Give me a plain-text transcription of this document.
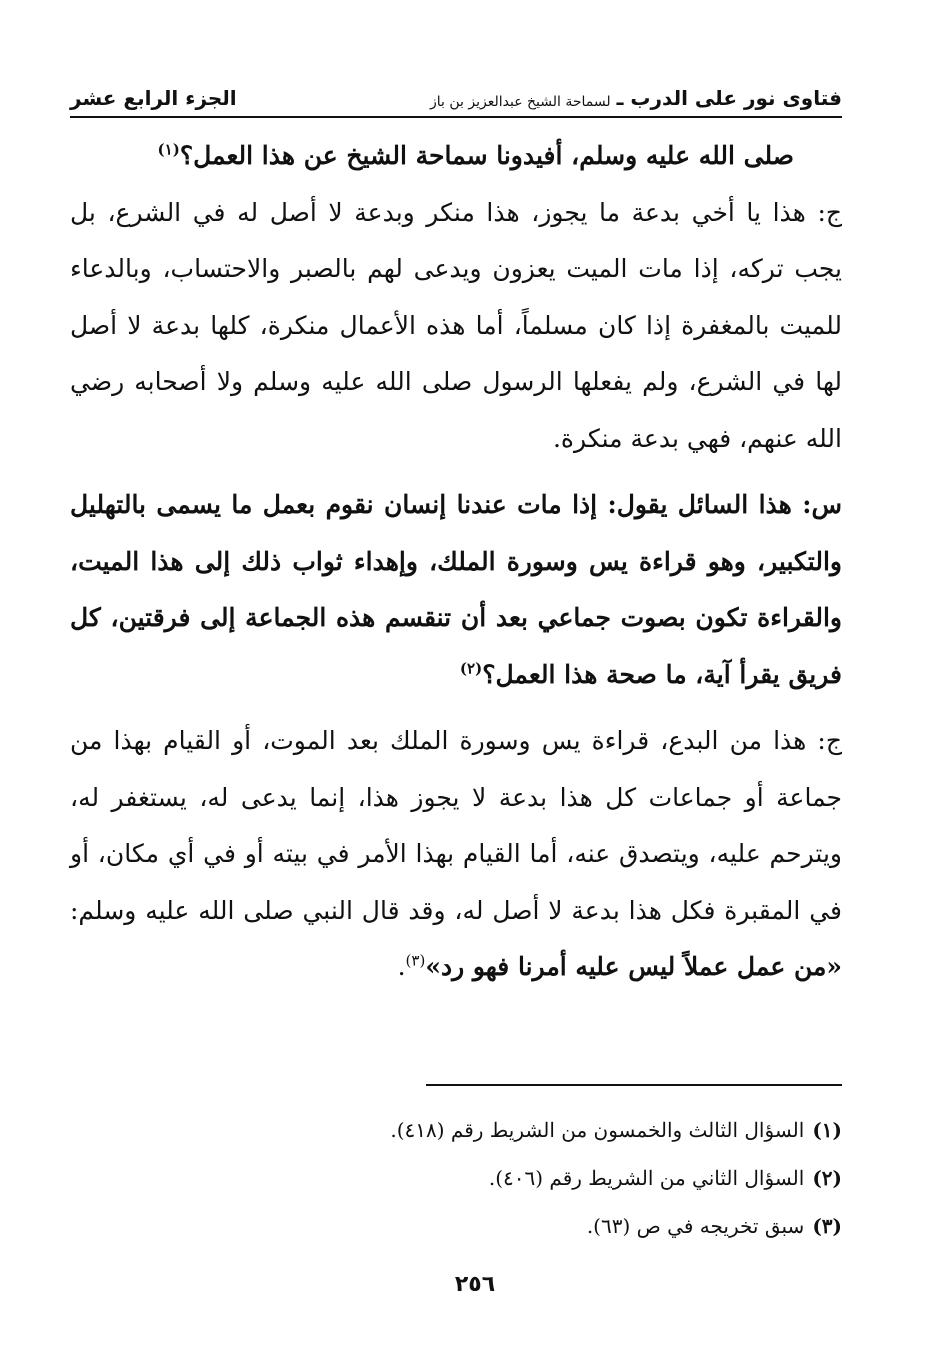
فتاوى نور على الدرب ـ
لسماحة الشيخ عبدالعزيز بن باز
الجزء الرابع عشر

صلى الله عليه وسلم، أفيدونا سماحة الشيخ عن هذا العمل؟$^{(١)}$

ج: هذا يا أخي بدعة ما يجوز، هذا منكر وبدعة لا أصل له في الشرع، بل يجب تركه، إذا مات الميت يعزون ويدعى لهم بالصبر والاحتساب، وبالدعاء للميت بالمغفرة إذا كان مسلماً، أما هذه الأعمال منكرة، كلها بدعة لا أصل لها في الشرع، ولم يفعلها الرسول صلى الله عليه وسلم ولا أصحابه رضي الله عنهم، فهي بدعة منكرة.

س: هذا السائل يقول: إذا مات عندنا إنسان نقوم بعمل ما يسمى بالتهليل والتكبير، وهو قراءة يس وسورة الملك، وإهداء ثواب ذلك إلى هذا الميت، والقراءة تكون بصوت جماعي بعد أن تنقسم هذه الجماعة إلى فرقتين، كل فريق يقرأ آية، ما صحة هذا العمل؟$^{(٢)}$

ج: هذا من البدع، قراءة يس وسورة الملك بعد الموت، أو القيام بهذا من جماعة أو جماعات كل هذا بدعة لا يجوز هذا، إنما يدعى له، يستغفر له، ويترحم عليه، ويتصدق عنه، أما القيام بهذا الأمر في بيته أو في أي مكان، أو في المقبرة فكل هذا بدعة لا أصل له، وقد قال النبي صلى الله عليه وسلم: «من عمل عملاً ليس عليه أمرنا فهو رد»$^{(٣)}$.

(١)السؤال الثالث والخمسون من الشريط رقم (٤١٨).

(٢)السؤال الثاني من الشريط رقم (٤٠٦).

(٣)سبق تخريجه في ص (٦٣).

٢٥٦
